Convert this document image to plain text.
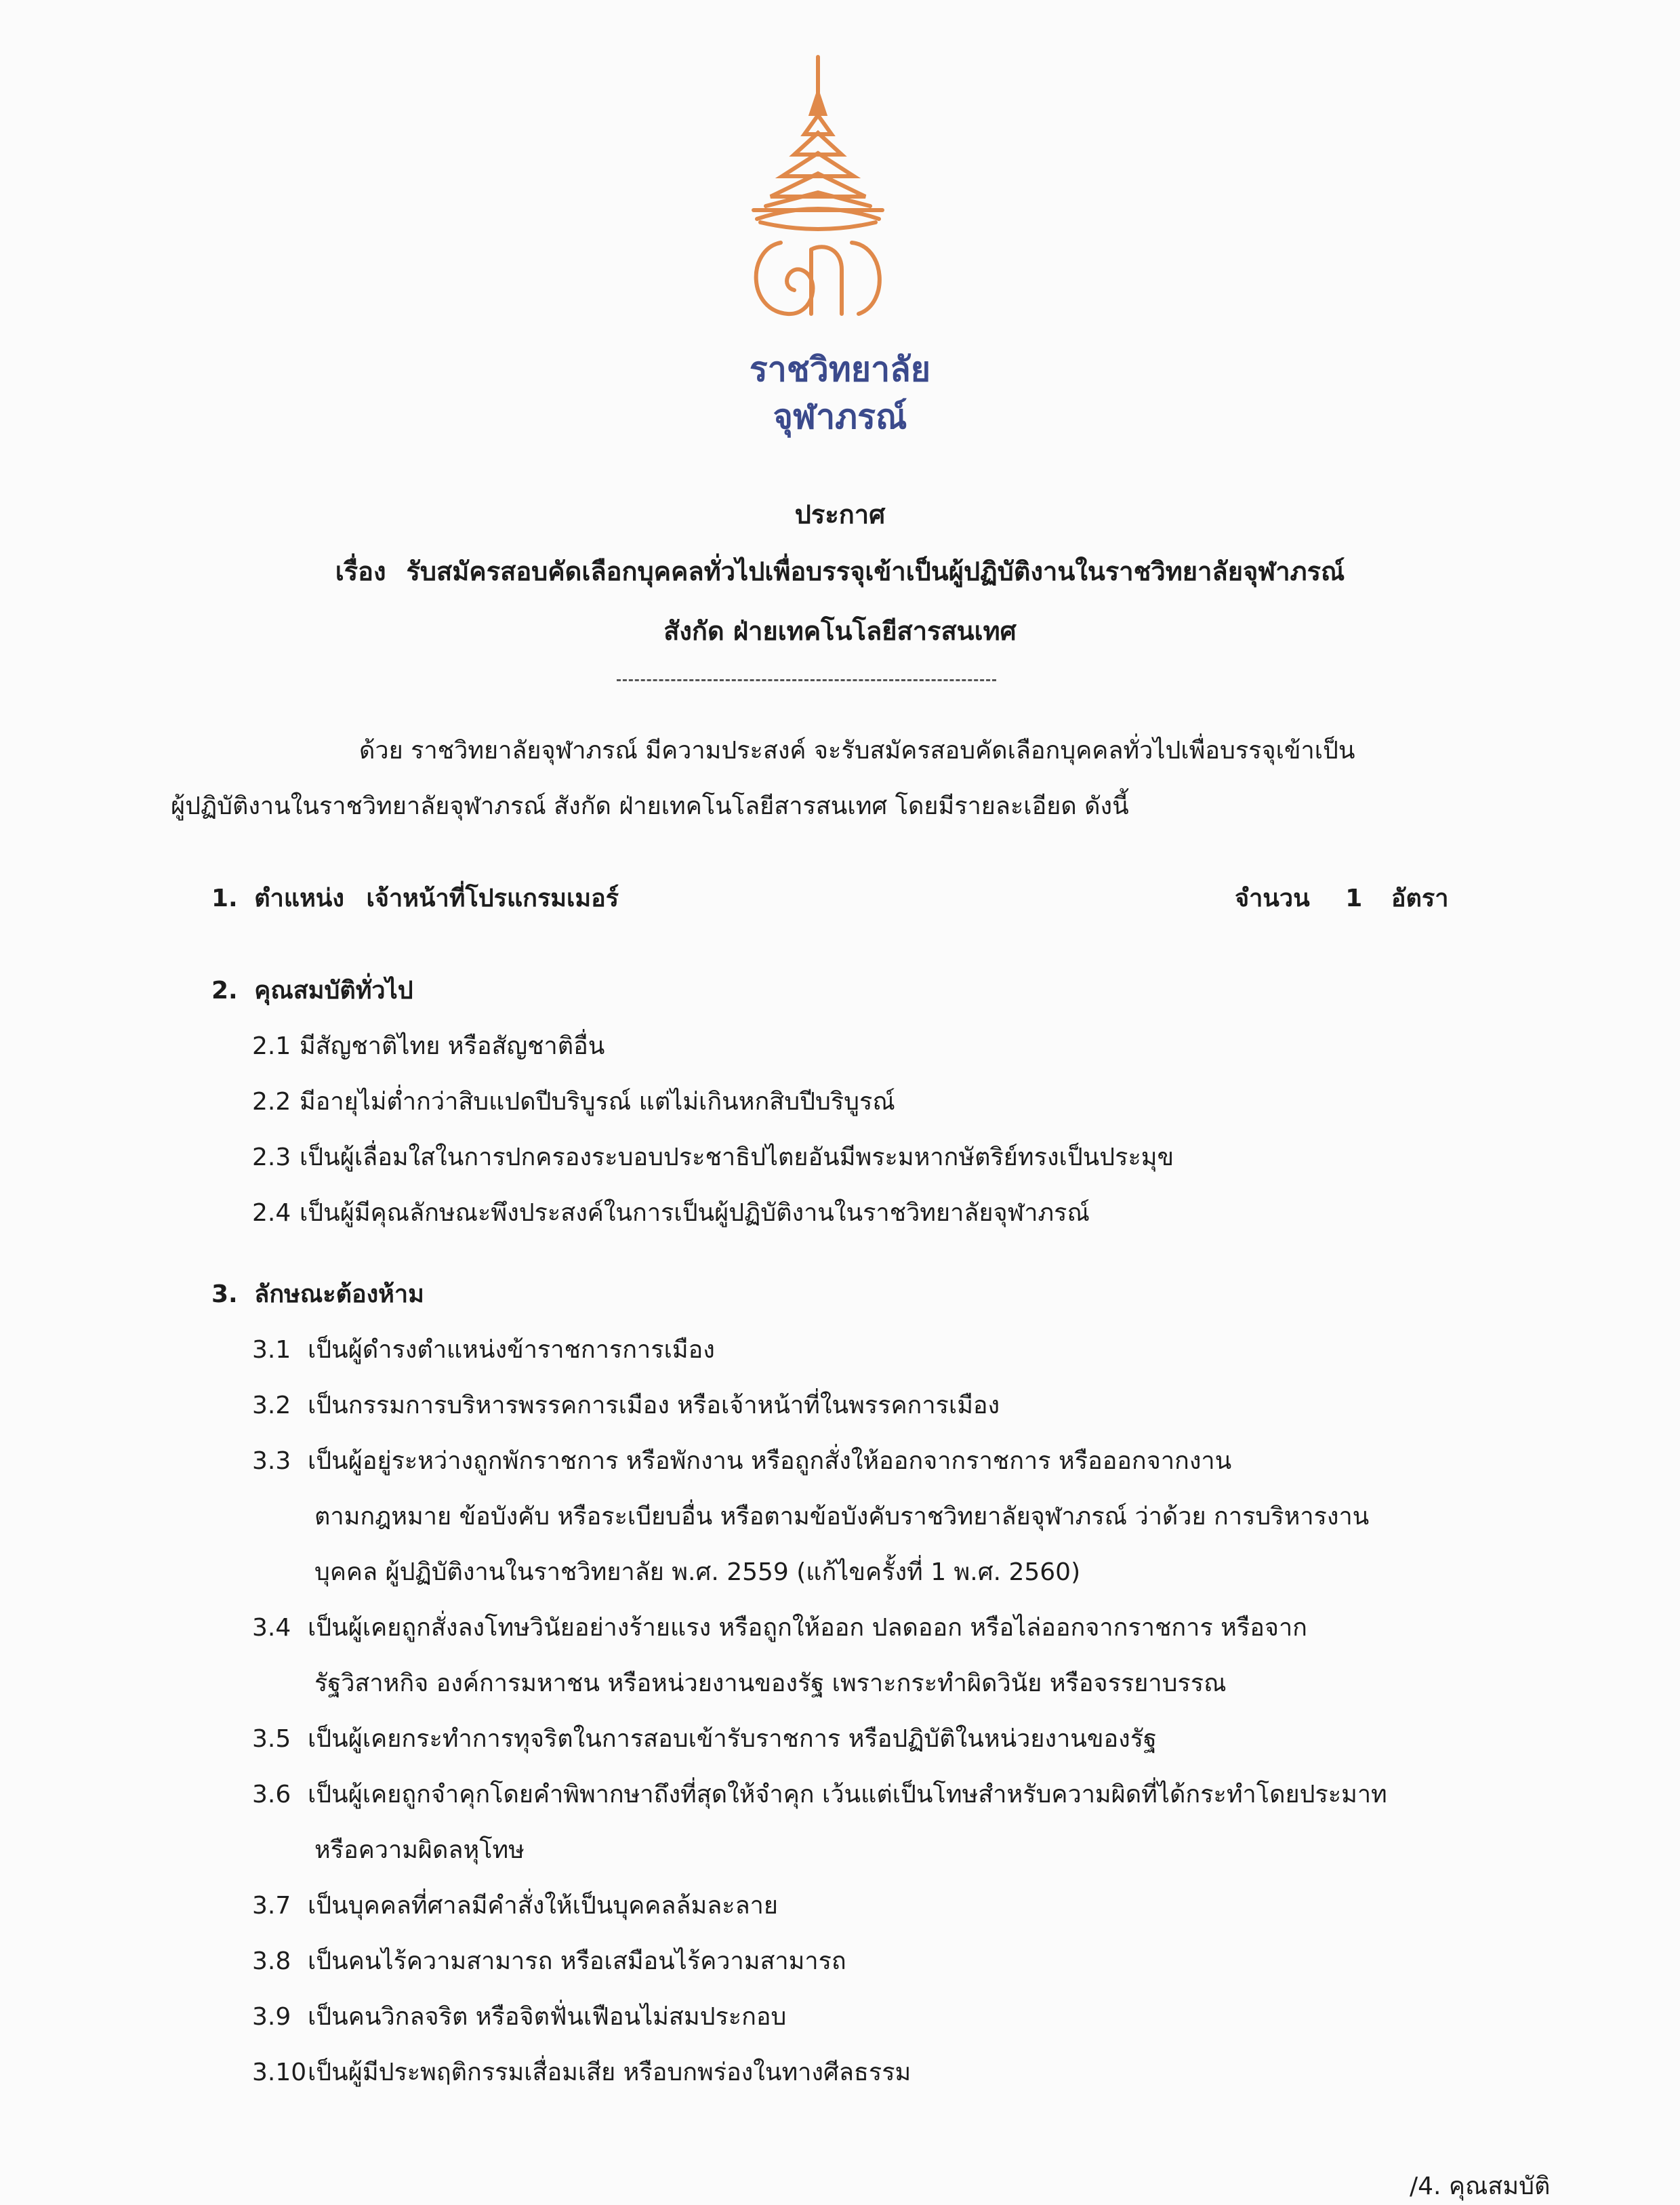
ราชวิทยาลัย
จุฬาภรณ์
ประกาศ
เรื่อง รับสมัครสอบคัดเลือกบุคคลทั่วไปเพื่อบรรจุเข้าเป็นผู้ปฏิบัติงานในราชวิทยาลัยจุฬาภรณ์
สังกัด ฝ่ายเทคโนโลยีสารสนเทศ
ด้วย ราชวิทยาลัยจุฬาภรณ์ มีความประสงค์ จะรับสมัครสอบคัดเลือกบุคคลทั่วไปเพื่อบรรจุเข้าเป็น
ผู้ปฏิบัติงานในราชวิทยาลัยจุฬาภรณ์ สังกัด ฝ่ายเทคโนโลยีสารสนเทศ โดยมีรายละเอียด ดังนี้
1. ตำแหน่ง เจ้าหน้าที่โปรแกรมเมอร์	จำนวน 1 อัตรา
2. คุณสมบัติทั่วไป
2.1 มีสัญชาติไทย หรือสัญชาติอื่น
2.2 มีอายุไม่ต่ำกว่าสิบแปดปีบริบูรณ์ แต่ไม่เกินหกสิบปีบริบูรณ์
2.3 เป็นผู้เลื่อมใสในการปกครองระบอบประชาธิปไตยอันมีพระมหากษัตริย์ทรงเป็นประมุข
2.4 เป็นผู้มีคุณลักษณะพึงประสงค์ในการเป็นผู้ปฏิบัติงานในราชวิทยาลัยจุฬาภรณ์
3. ลักษณะต้องห้าม
3.1 เป็นผู้ดำรงตำแหน่งข้าราชการการเมือง
3.2 เป็นกรรมการบริหารพรรคการเมือง หรือเจ้าหน้าที่ในพรรคการเมือง
3.3 เป็นผู้อยู่ระหว่างถูกพักราชการ หรือพักงาน หรือถูกสั่งให้ออกจากราชการ หรือออกจากงาน
ตามกฎหมาย ข้อบังคับ หรือระเบียบอื่น หรือตามข้อบังคับราชวิทยาลัยจุฬาภรณ์ ว่าด้วย การบริหารงาน
บุคคล ผู้ปฏิบัติงานในราชวิทยาลัย พ.ศ. 2559 (แก้ไขครั้งที่ 1 พ.ศ. 2560)
3.4 เป็นผู้เคยถูกสั่งลงโทษวินัยอย่างร้ายแรง หรือถูกให้ออก ปลดออก หรือไล่ออกจากราชการ หรือจาก
รัฐวิสาหกิจ องค์การมหาชน หรือหน่วยงานของรัฐ เพราะกระทำผิดวินัย หรือจรรยาบรรณ
3.5 เป็นผู้เคยกระทำการทุจริตในการสอบเข้ารับราชการ หรือปฏิบัติในหน่วยงานของรัฐ
3.6 เป็นผู้เคยถูกจำคุกโดยคำพิพากษาถึงที่สุดให้จำคุก เว้นแต่เป็นโทษสำหรับความผิดที่ได้กระทำโดยประมาท
หรือความผิดลหุโทษ
3.7 เป็นบุคคลที่ศาลมีคำสั่งให้เป็นบุคคลล้มละลาย
3.8 เป็นคนไร้ความสามารถ หรือเสมือนไร้ความสามารถ
3.9 เป็นคนวิกลจริต หรือจิตฟั่นเฟือนไม่สมประกอบ
3.10เป็นผู้มีประพฤติกรรมเสื่อมเสีย หรือบกพร่องในทางศีลธรรม
/4. คุณสมบัติ
